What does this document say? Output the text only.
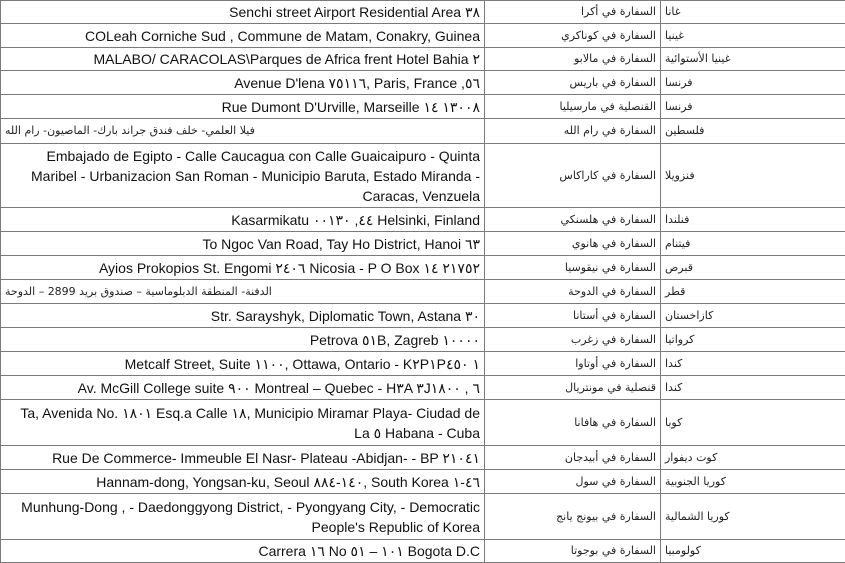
Senchi street Airport Residential Area ٣٨	السفارة في أكرا	غانا
COLeah Corniche Sud , Commune de Matam, Conakry, Guinea	السفارة في كوناكري	غينيا
MALABO/ CARACOLAS\Parques de Africa frent Hotel Bahia ٢	السفارة في مالابو	غينيا الأستوائية
Avenue D'lena ٧٥١١٦, Paris, France ,٥٦	السفارة في باريس	فرنسا
Rue Dumont D'Urville, Marseille ١٣٠٠٨ ١٤	القنصلية في مارسيليا	فرنسا
فيلا العلمي- خلف فندق جراند بارك- الماصيون- رام الله	السفارة في رام الله	فلسطين
Embajado de Egipto - Calle Caucagua con Calle Guaicaipuro - Quinta Maribel - Urbanizacion San Roman - Municipio Baruta, Estado Miranda - Caracas, Venzuela	السفارة في كاراكاس	فنزويلا
Kasarmikatu ٤٤, ٠٠١٣٠ Helsinki, Finland	السفارة في هلسنكي	فنلندا
To Ngoc Van Road, Tay Ho District, Hanoi ٦٣	السفارة في هانوي	فيتنام
Ayios Prokopios St. Engomi ٢٤٠٦ Nicosia - P O Box ٢١٧٥٢ ١٤	السفارة في نيقوسيا	قبرص
الدفنة- المنطقة الدبلوماسية – صندوق بريد 2899 – الدوحة	السفارة في الدوحة	قطر
Str. Sarayshyk, Diplomatic Town, Astana ٣٠	السفارة في أستانا	كازاخستان
Petrova ٥١B, Zagreb ١٠٠٠٠	السفارة في زغرب	كرواتيا
Metcalf Street, Suite ١١٠٠, Ottawa, Ontario - K٢P١P١ ٤٥٠	السفارة في أوتاوا	كندا
Av. McGill College suite ٩٠٠ Montreal – Quebec - H٣A ٣J٦ , ١٨٠٠	قنصلية في مونتريال	كندا
Ta, Avenida No. ١٨٠١ Esq.a Calle ١٨, Municipio Miramar Playa- Ciudad de La ٥ Habana - Cuba	السفارة في هافانا	كوبا
Rue De Commerce- Immeuble El Nasr- Plateau -Abidjan- - BP ٢١٠٤١	السفارة في أبيدجان	كوت ديفوار
Hannam-dong, Yongsan-ku, Seoul ١٤٠-٨٨٤, South Korea ٤٦-١	السفارة في سول	كوريا الجنوبية
Munhung-Dong , - Daedonggyong District, - Pyongyang City, - Democratic People's Republic of Korea	السفارة في بيونج يانج	كوريا الشمالية
Carrera ١٦ No ١٠١ – ٥١ Bogota D.C	السفارة في بوجوتا	كولومبيا
